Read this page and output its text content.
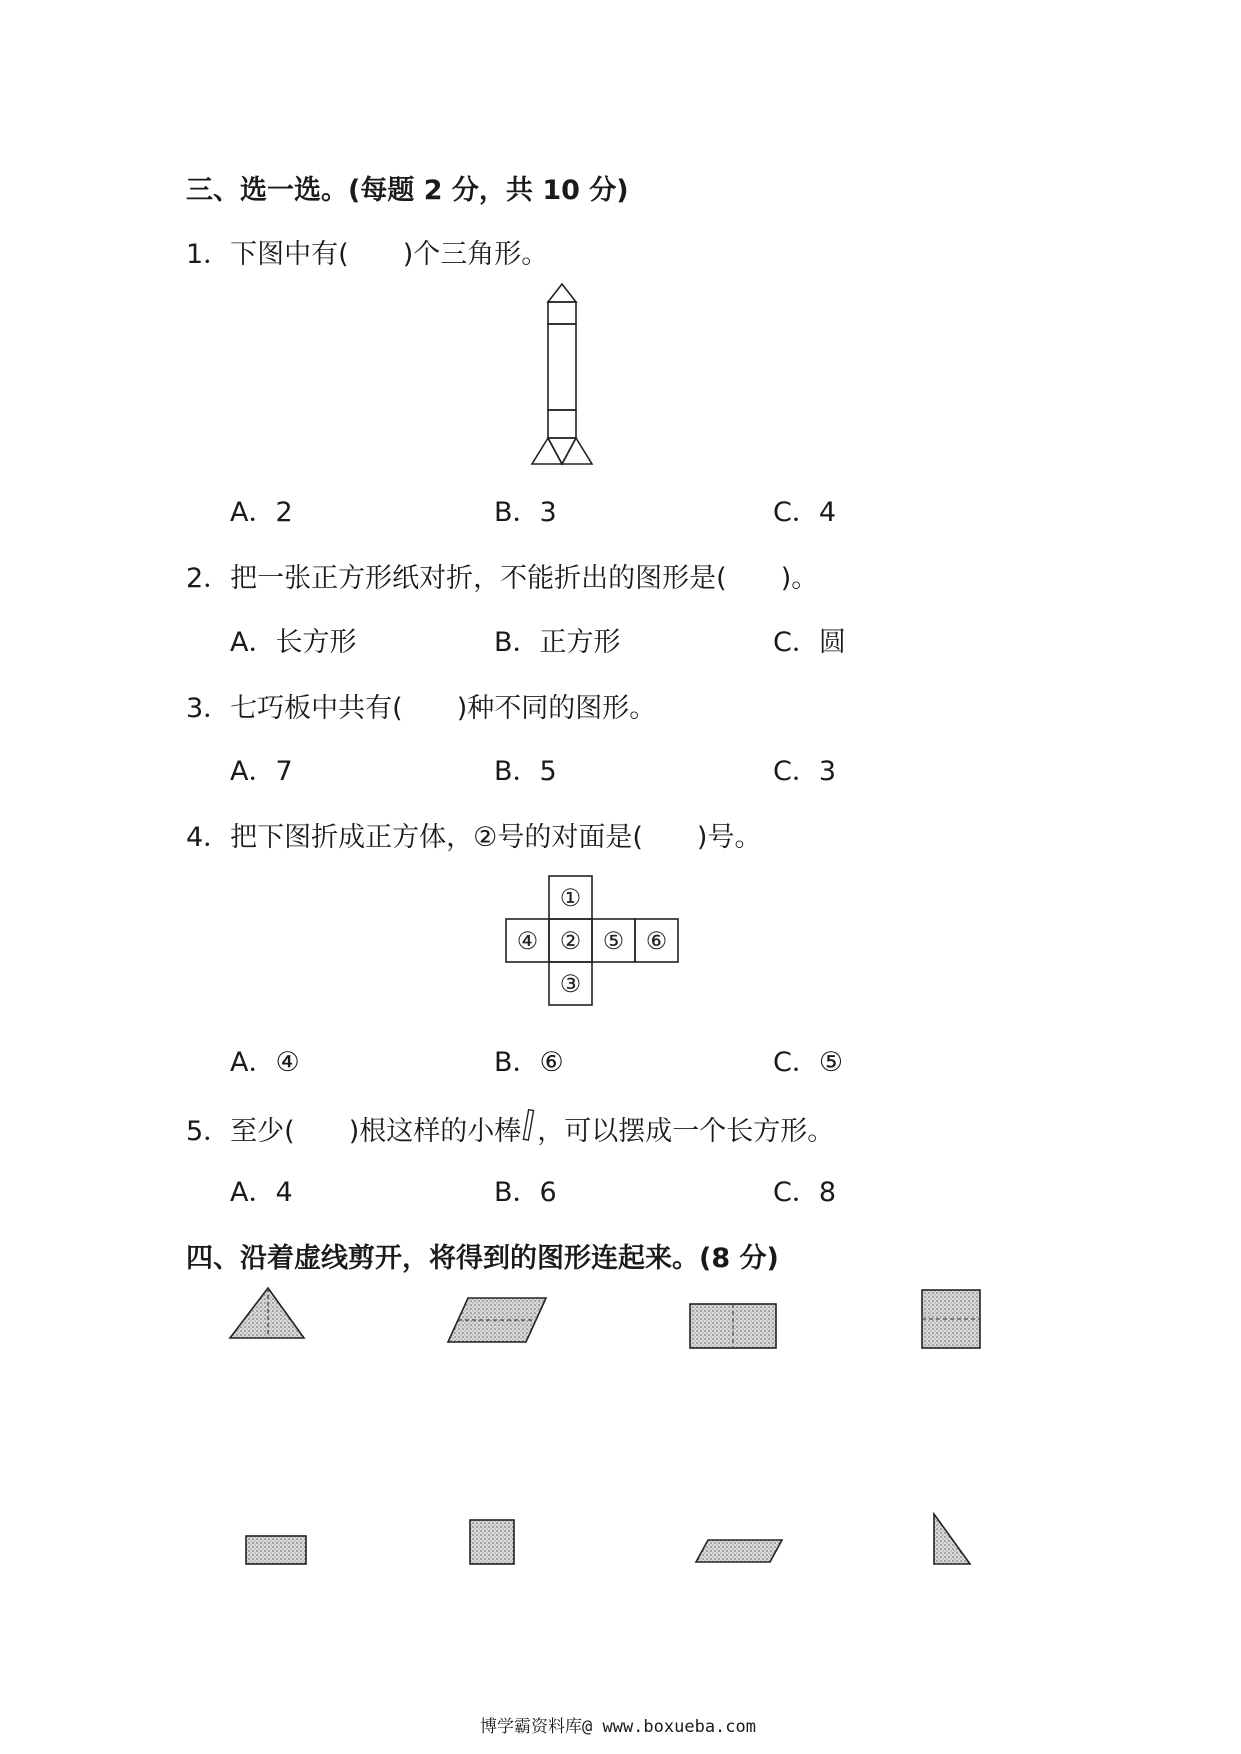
三、选一选。(每题 2 分，共 10 分)
1．下图中有(　　)个三角形。
A．2	B．3	C．4
2．把一张正方形纸对折，不能折出的图形是(　　)。
A．长方形	B．正方形	C．圆
3．七巧板中共有(　　)种不同的图形。
A．7	B．5	C．3
4．把下图折成正方体，②号的对面是(　　)号。
①
④ ② ⑤ ⑥
③
A．④	B．⑥	C．⑤
5．至少(　　)根这样的小棒 ，可以摆成一个长方形。
A．4	B．6	C．8
四、沿着虚线剪开，将得到的图形连起来。(8 分)
博学霸资料库@ www.boxueba.com
